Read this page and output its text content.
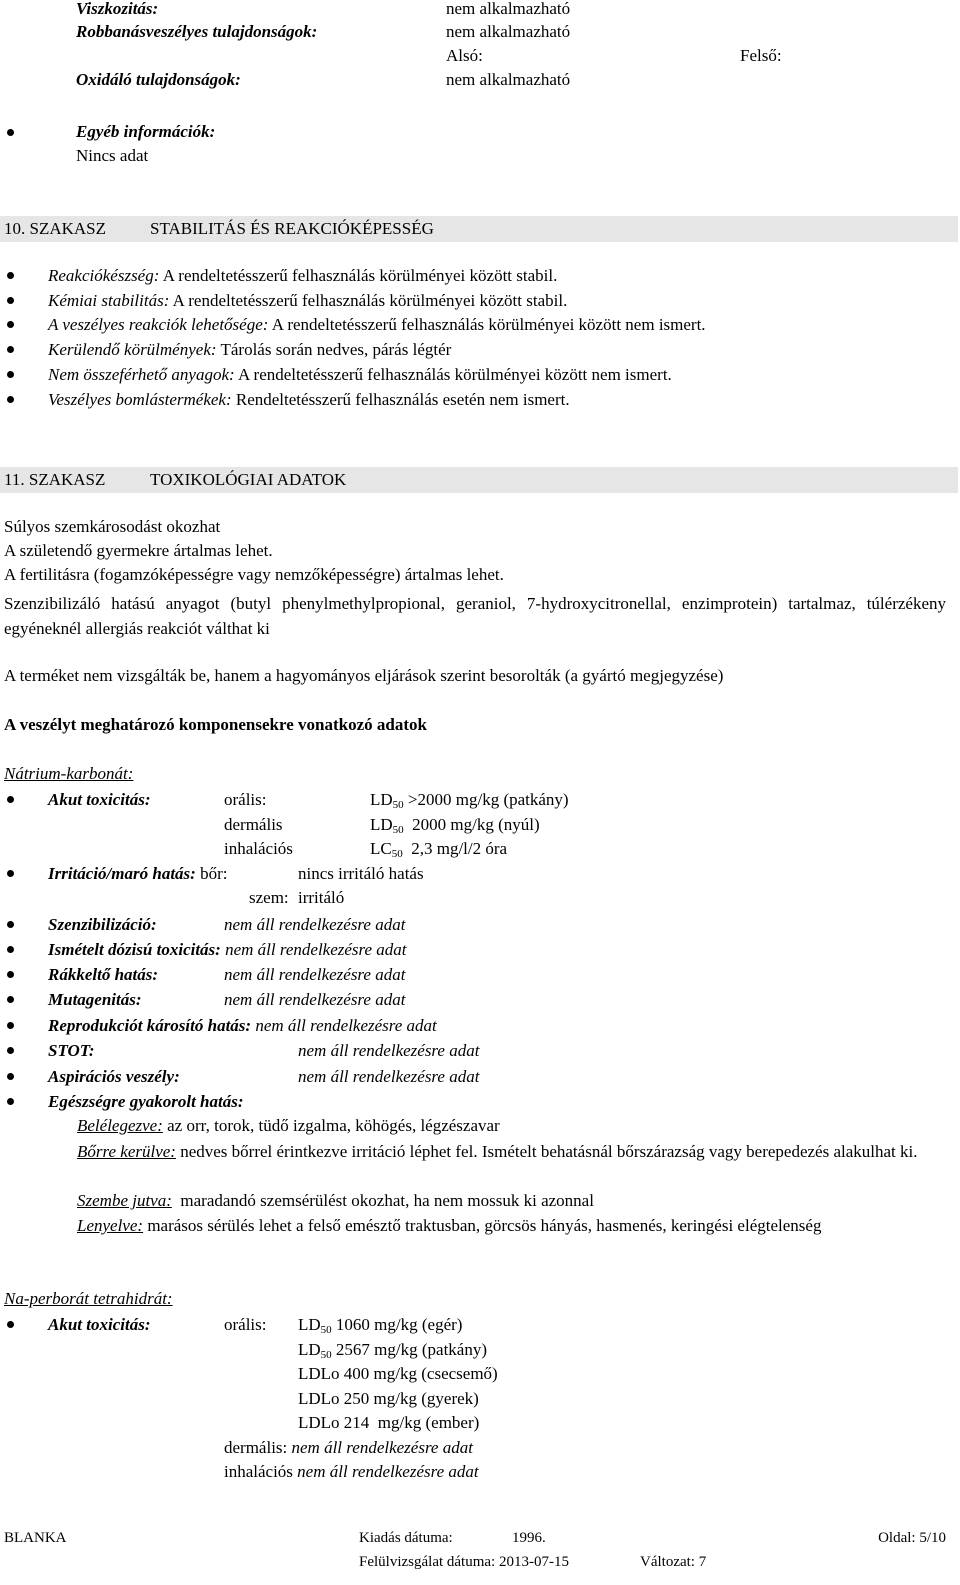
Viszkozitás:	nem alkalmazható
Robbanásveszélyes tulajdonságok:	nem alkalmazható
Alsó:	Felső:
Oxidáló tulajdonságok:	nem alkalmazható
Egyéb információk:
Nincs adat
10. SZAKASZ	STABILITÁS ÉS REAKCIÓKÉPESSÉG
Reakciókészség: A rendeltetésszerű felhasználás körülményei között stabil.
Kémiai stabilitás: A rendeltetésszerű felhasználás körülményei között stabil.
A veszélyes reakciók lehetősége: A rendeltetésszerű felhasználás körülményei között nem ismert.
Kerülendő körülmények: Tárolás során nedves, párás légtér
Nem összeférhető anyagok: A rendeltetésszerű felhasználás körülményei között nem ismert.
Veszélyes bomlástermékek: Rendeltetésszerű felhasználás esetén nem ismert.
11. SZAKASZ	TOXIKOLÓGIAI ADATOK
Súlyos szemkárosodást okozhat
A születendő gyermekre ártalmas lehet.
A fertilitásra (fogamzóképességre vagy nemzőképességre) ártalmas lehet.
Szenzibilizáló hatású anyagot (butyl phenylmethylpropional, geraniol, 7-hydroxycitronellal, enzimprotein) tartalmaz, túlérzékeny egyéneknél allergiás reakciót válthat ki
A terméket nem vizsgálták be, hanem a hagyományos eljárások szerint besorolták (a gyártó megjegyzése)
A veszélyt meghatározó komponensekre vonatkozó adatok
Nátrium-karbonát:
Akut toxicitás:	orális:	$LD_{50} >2000$ mg/kg (patkány)
dermális	$LD_{50}$  2000 mg/kg (nyúl)
inhalációs	$LC_{50}$  2,3 mg/l/2 óra
Irritáció/maró hatás: bőr:	nincs irritáló hatás
szem: irritáló
Szenzibilizáció:	nem áll rendelkezésre adat
Ismételt dózisú toxicitás: nem áll rendelkezésre adat
Rákkeltő hatás:	nem áll rendelkezésre adat
Mutagenitás:	nem áll rendelkezésre adat
Reprodukciót károsító hatás: nem áll rendelkezésre adat
STOT:	nem áll rendelkezésre adat
Aspirációs veszély:	nem áll rendelkezésre adat
Egészségre gyakorolt hatás:
Belélegezve: az orr, torok, tüdő izgalma, köhögés, légzészavar
Bőrre kerülve: nedves bőrrel érintkezve irritáció léphet fel. Ismételt behatásnál bőrszárazság vagy berepedezés alakulhat ki.
Szembe jutva:  maradandó szemsérülést okozhat, ha nem mossuk ki azonnal
Lenyelve: marásos sérülés lehet a felső emésztő traktusban, görcsös hányás, hasmenés, keringési elégtelenség
Na-perborát tetrahidrát:
Akut toxicitás:	orális: $LD_{50}$ 1060 mg/kg (egér)
$LD_{50}$ 2567 mg/kg (patkány)
LDLo 400 mg/kg (csecsemő)
LDLo 250 mg/kg (gyerek)
LDLo 214  mg/kg (ember)
dermális: nem áll rendelkezésre adat
inhalációs nem áll rendelkezésre adat
BLANKA	Kiadás dátuma:	1996.	Oldal: 5/10
Felülvizsgálat dátuma: 2013-07-15	Változat: 7
